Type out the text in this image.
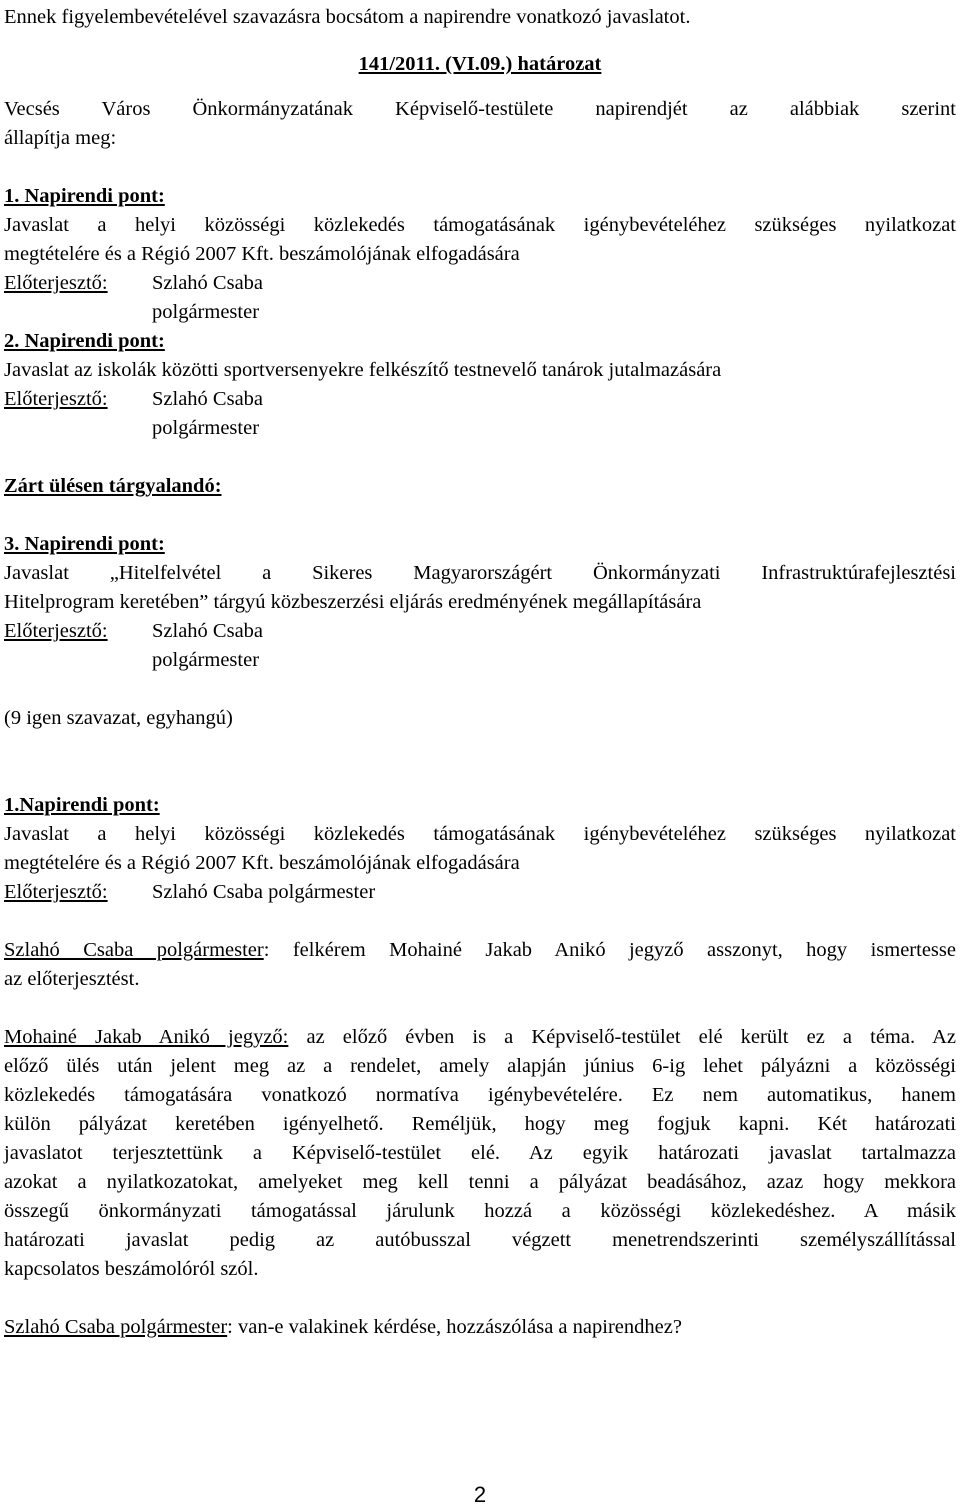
Ennek figyelembevételével szavazásra bocsátom a napirendre vonatkozó javaslatot.

141/2011. (VI.09.) határozat

Vecsés Város Önkormányzatának Képviselő-testülete napirendjét az alábbiak szerint

állapítja meg:

1. Napirendi pont:

Javaslat a helyi közösségi közlekedés támogatásának igénybevételéhez szükséges nyilatkozat

megtételére és a Régió 2007 Kft. beszámolójának elfogadására

Előterjesztő: Szlahó Csaba

polgármester

2. Napirendi pont:

Javaslat az iskolák közötti sportversenyekre felkészítő testnevelő tanárok jutalmazására

Előterjesztő: Szlahó Csaba

polgármester

Zárt ülésen tárgyalandó:

3. Napirendi pont:

Javaslat „Hitelfelvétel a Sikeres Magyarországért Önkormányzati Infrastruktúrafejlesztési

Hitelprogram keretében” tárgyú közbeszerzési eljárás eredményének megállapítására

Előterjesztő: Szlahó Csaba

polgármester

(9 igen szavazat, egyhangú)

1.Napirendi pont:

Javaslat a helyi közösségi közlekedés támogatásának igénybevételéhez szükséges nyilatkozat

megtételére és a Régió 2007 Kft. beszámolójának elfogadására

Előterjesztő: Szlahó Csaba polgármester

Szlahó Csaba polgármester: felkérem Mohainé Jakab Anikó jegyző asszonyt, hogy ismertesse

az előterjesztést.

Mohainé Jakab Anikó jegyző: az előző évben is a Képviselő-testület elé került ez a téma. Az

előző ülés után jelent meg az a rendelet, amely alapján június 6-ig lehet pályázni a közösségi

közlekedés támogatására vonatkozó normatíva igénybevételére. Ez nem automatikus, hanem

külön pályázat keretében igényelhető. Reméljük, hogy meg fogjuk kapni. Két határozati

javaslatot terjesztettünk a Képviselő-testület elé. Az egyik határozati javaslat tartalmazza

azokat a nyilatkozatokat, amelyeket meg kell tenni a pályázat beadásához, azaz hogy mekkora

összegű önkormányzati támogatással járulunk hozzá a közösségi közlekedéshez. A másik

határozati javaslat pedig az autóbusszal végzett menetrendszerinti személyszállítással

kapcsolatos beszámolóról szól.

Szlahó Csaba polgármester: van-e valakinek kérdése, hozzászólása a napirendhez?

2
